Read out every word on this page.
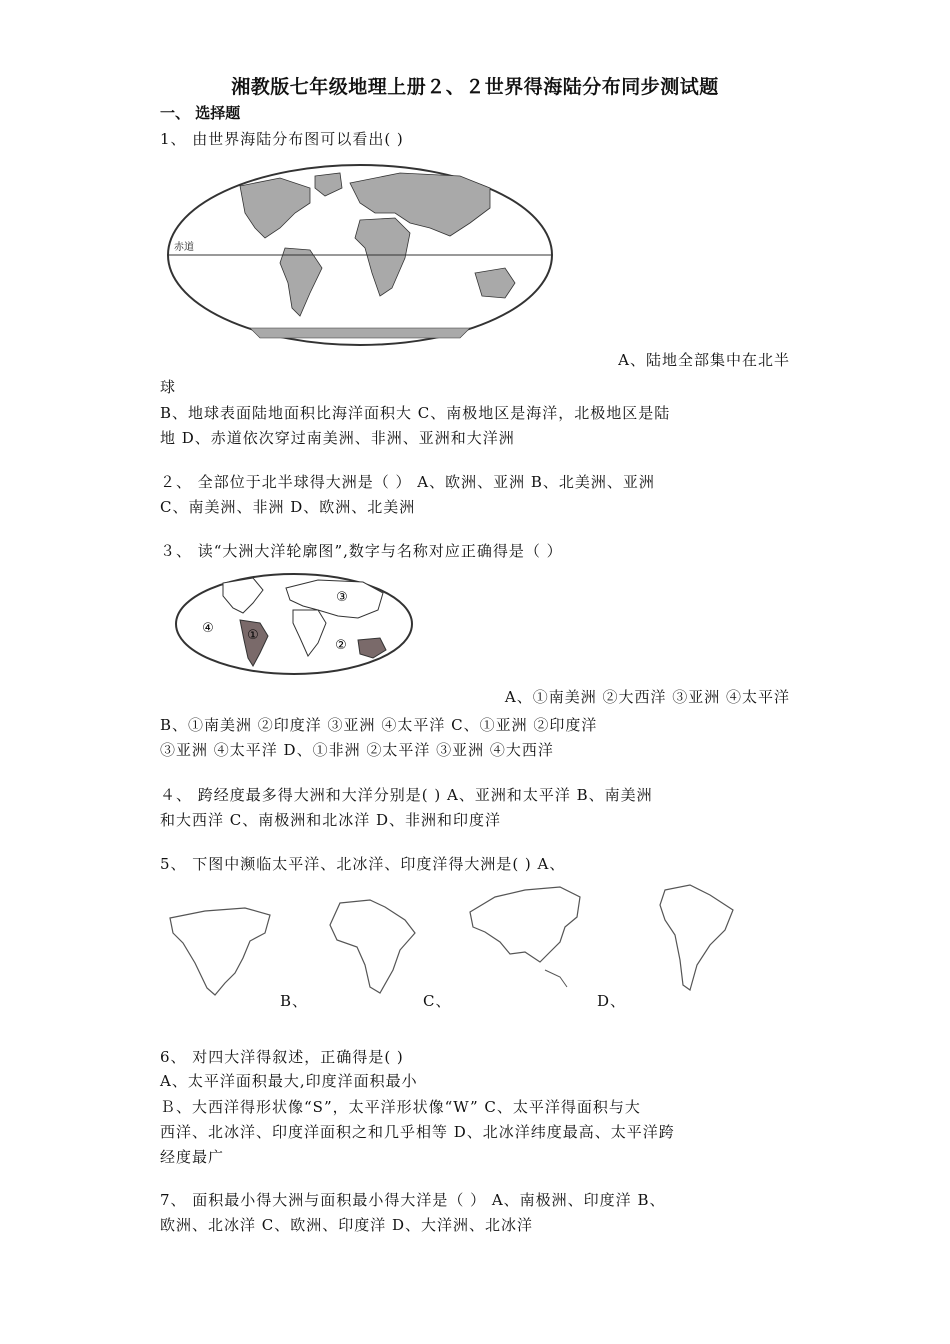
湘教版七年级地理上册２、２世界得海陆分布同步测试题
一、 选择题
1、 由世界海陆分布图可以看出( )
赤道
A、陆地全部集中在北半
球
B、地球表面陆地面积比海洋面积大 C、南极地区是海洋，北极地区是陆
地 D、赤道依次穿过南美洲、非洲、亚洲和大洋洲
２、 全部位于北半球得大洲是（ ） A、欧洲、亚洲 B、北美洲、亚洲
C、南美洲、非洲 D、欧洲、北美洲
３、 读“大洲大洋轮廓图”,数字与名称对应正确得是（ ）
①
②
③
④
A、①南美洲 ②大西洋 ③亚洲 ④太平洋
B、①南美洲 ②印度洋 ③亚洲 ④太平洋 C、①亚洲 ②印度洋
③亚洲 ④太平洋 D、①非洲 ②太平洋 ③亚洲 ④大西洋
４、 跨经度最多得大洲和大洋分别是( ) A、亚洲和太平洋 B、南美洲
和大西洋 C、南极洲和北冰洋 D、非洲和印度洋
5、 下图中濒临太平洋、北冰洋、印度洋得大洲是( ) A、
B、	C、	D、
6、 对四大洋得叙述，正确得是( )
A、太平洋面积最大,印度洋面积最小
Ｂ、大西洋得形状像“S”，太平洋形状像“W” C、太平洋得面积与大
西洋、北冰洋、印度洋面积之和几乎相等 D、北冰洋纬度最高、太平洋跨
经度最广
7、 面积最小得大洲与面积最小得大洋是（ ） A、南极洲、印度洋 B、
欧洲、北冰洋 C、欧洲、印度洋 D、大洋洲、北冰洋
